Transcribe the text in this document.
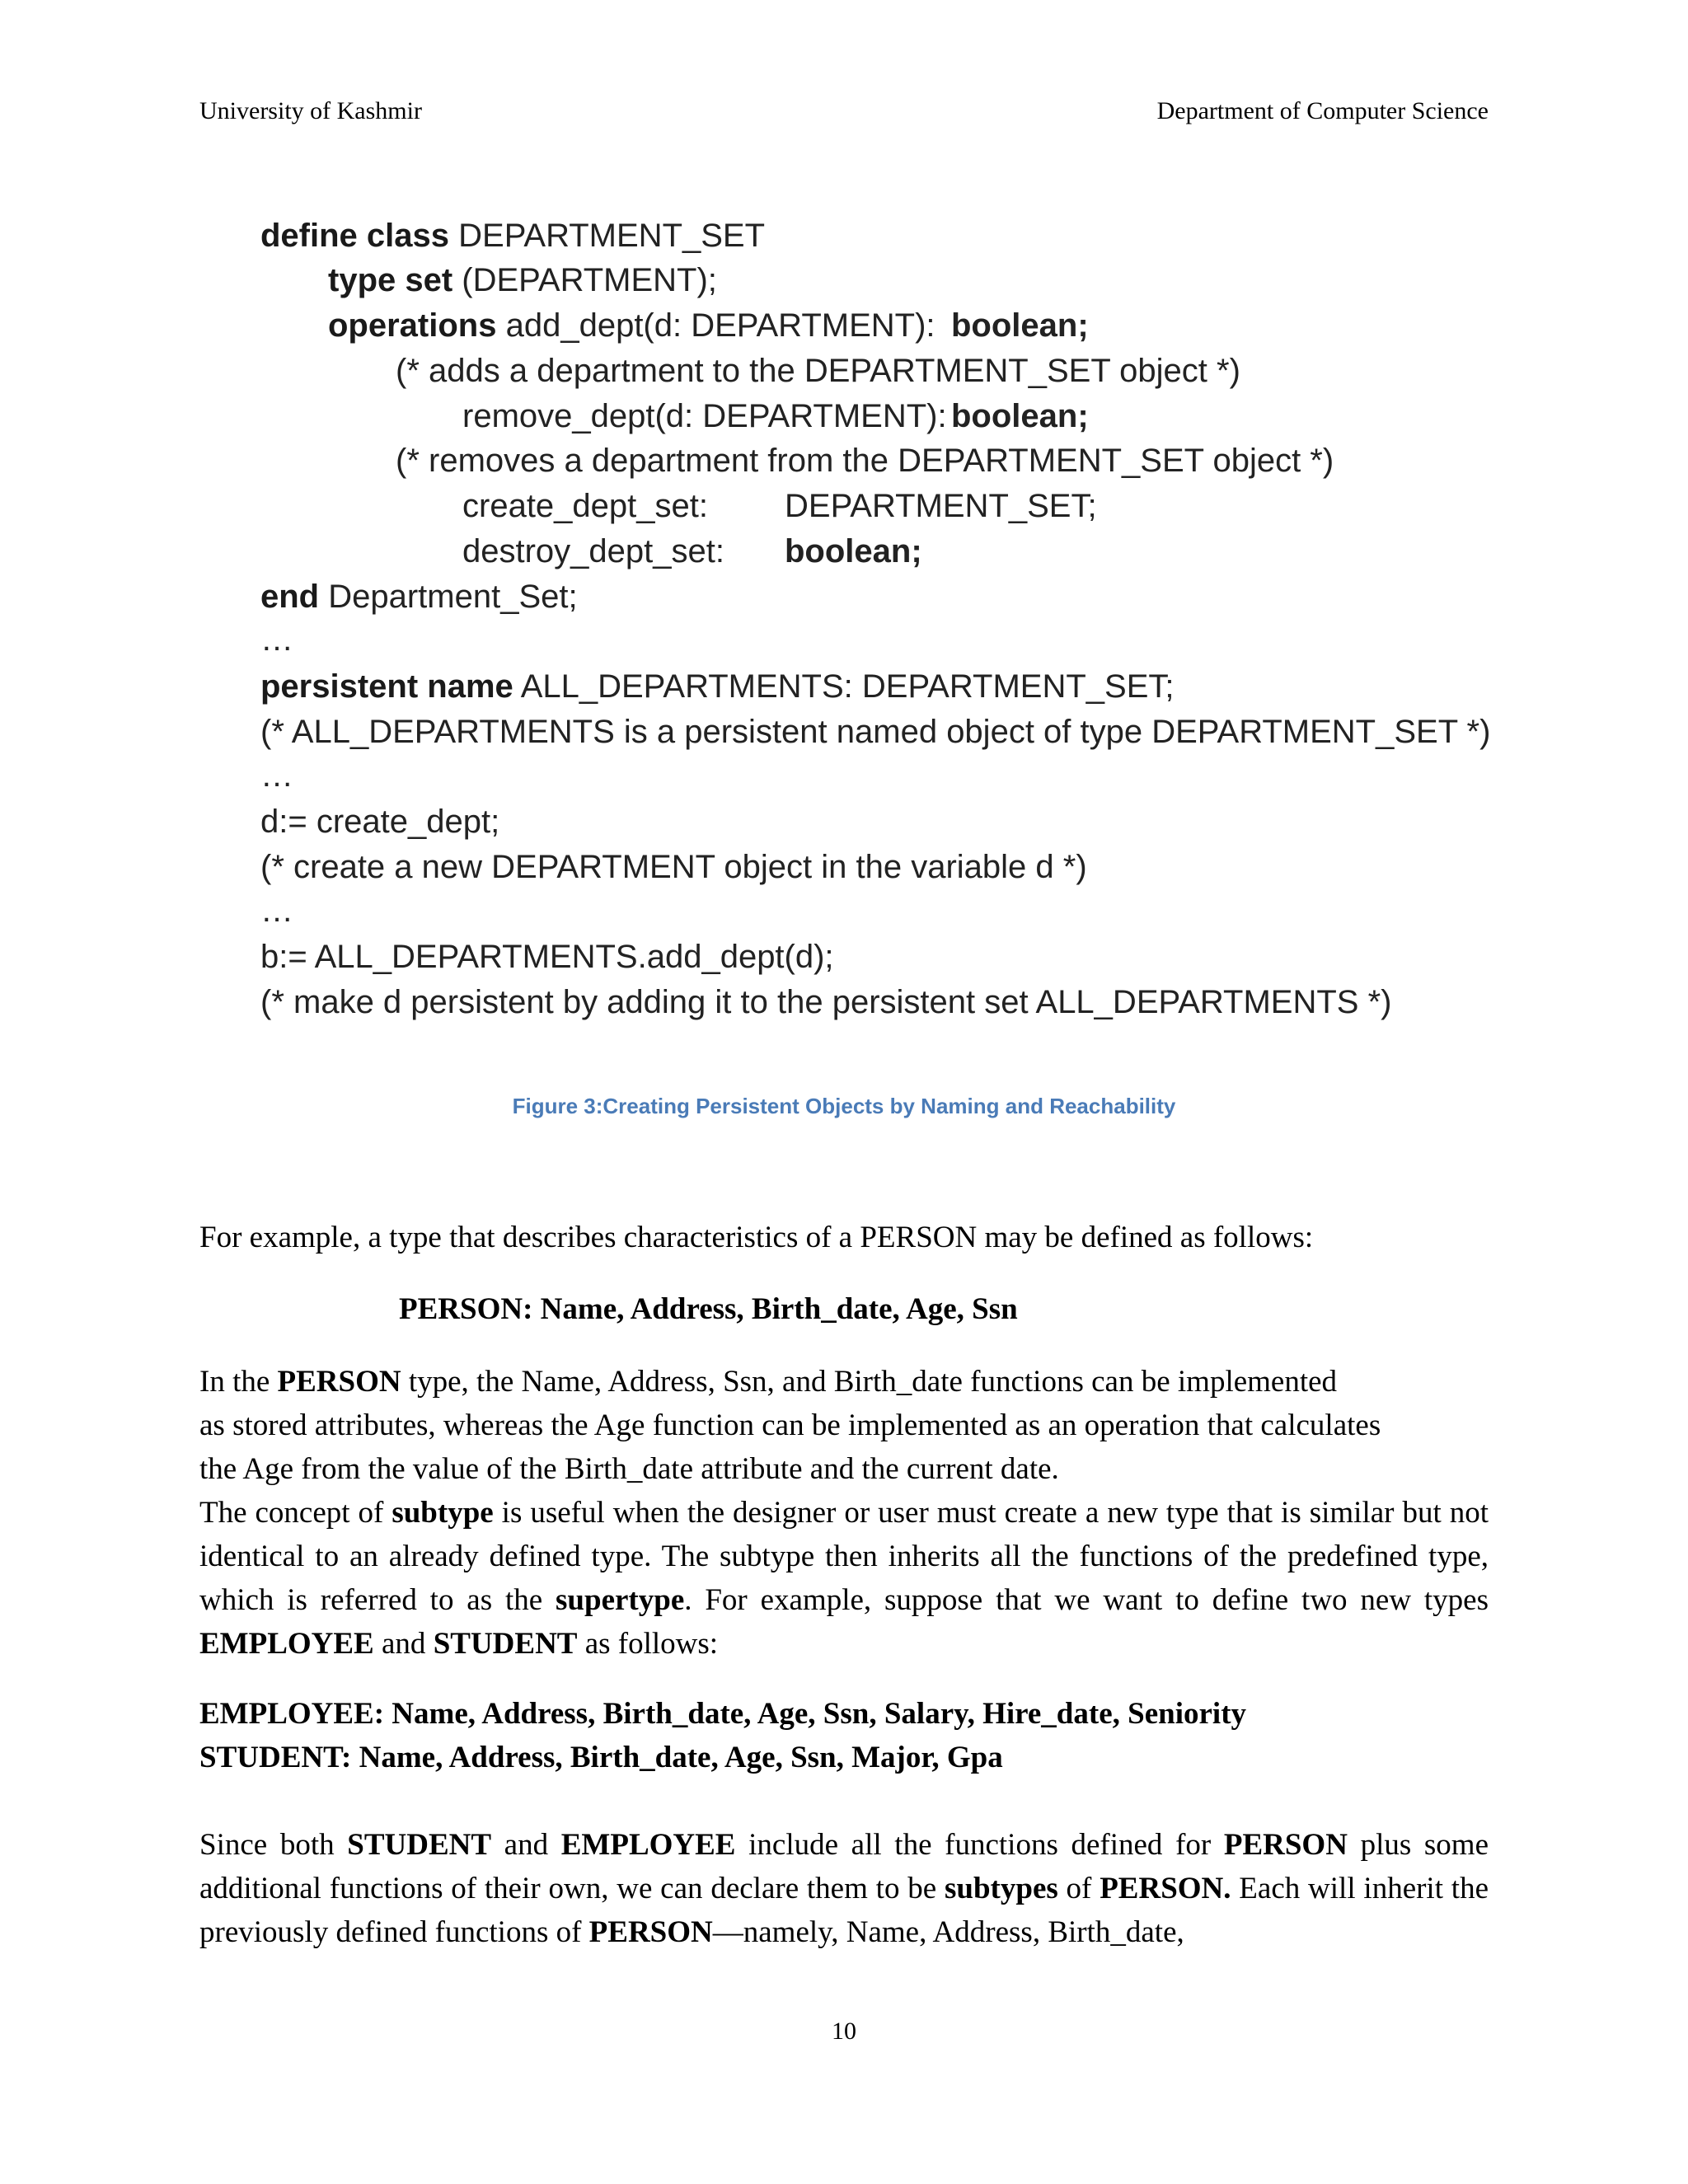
University of Kashmir	Department of Computer Science
define class DEPARTMENT_SET
type set (DEPARTMENT);
operations add_dept(d: DEPARTMENT): boolean;
(* adds a department to the DEPARTMENT_SET object *)
remove_dept(d: DEPARTMENT): boolean;
(* removes a department from the DEPARTMENT_SET object *)
create_dept_set: DEPARTMENT_SET;
destroy_dept_set: boolean;
end Department_Set;
…
persistent name ALL_DEPARTMENTS: DEPARTMENT_SET;
(* ALL_DEPARTMENTS is a persistent named object of type DEPARTMENT_SET *)
…
d:= create_dept;
(* create a new DEPARTMENT object in the variable d *)
…
b:= ALL_DEPARTMENTS.add_dept(d);
(* make d persistent by adding it to the persistent set ALL_DEPARTMENTS *)
Figure 3:Creating Persistent Objects by Naming and Reachability

For example, a type that describes characteristics of a PERSON may be defined as follows:

PERSON: Name, Address, Birth_date, Age, Ssn

In the PERSON type, the Name, Address, Ssn, and Birth_date functions can be implemented

as stored attributes, whereas the Age function can be implemented as an operation that calculates

the Age from the value of the Birth_date attribute and the current date.

The concept of subtype is useful when the designer or user must create a new type that is similar but not identical to an already defined type. The subtype then inherits all the functions of the predefined type, which is referred to as the supertype. For example, suppose that we want to define two new types EMPLOYEE and STUDENT as follows:

EMPLOYEE: Name, Address, Birth_date, Age, Ssn, Salary, Hire_date, Seniority

STUDENT: Name, Address, Birth_date, Age, Ssn, Major, Gpa

Since both STUDENT and EMPLOYEE include all the functions defined for PERSON plus some additional functions of their own, we can declare them to be subtypes of PERSON. Each will inherit the previously defined functions of PERSON—namely, Name, Address, Birth_date,

10
